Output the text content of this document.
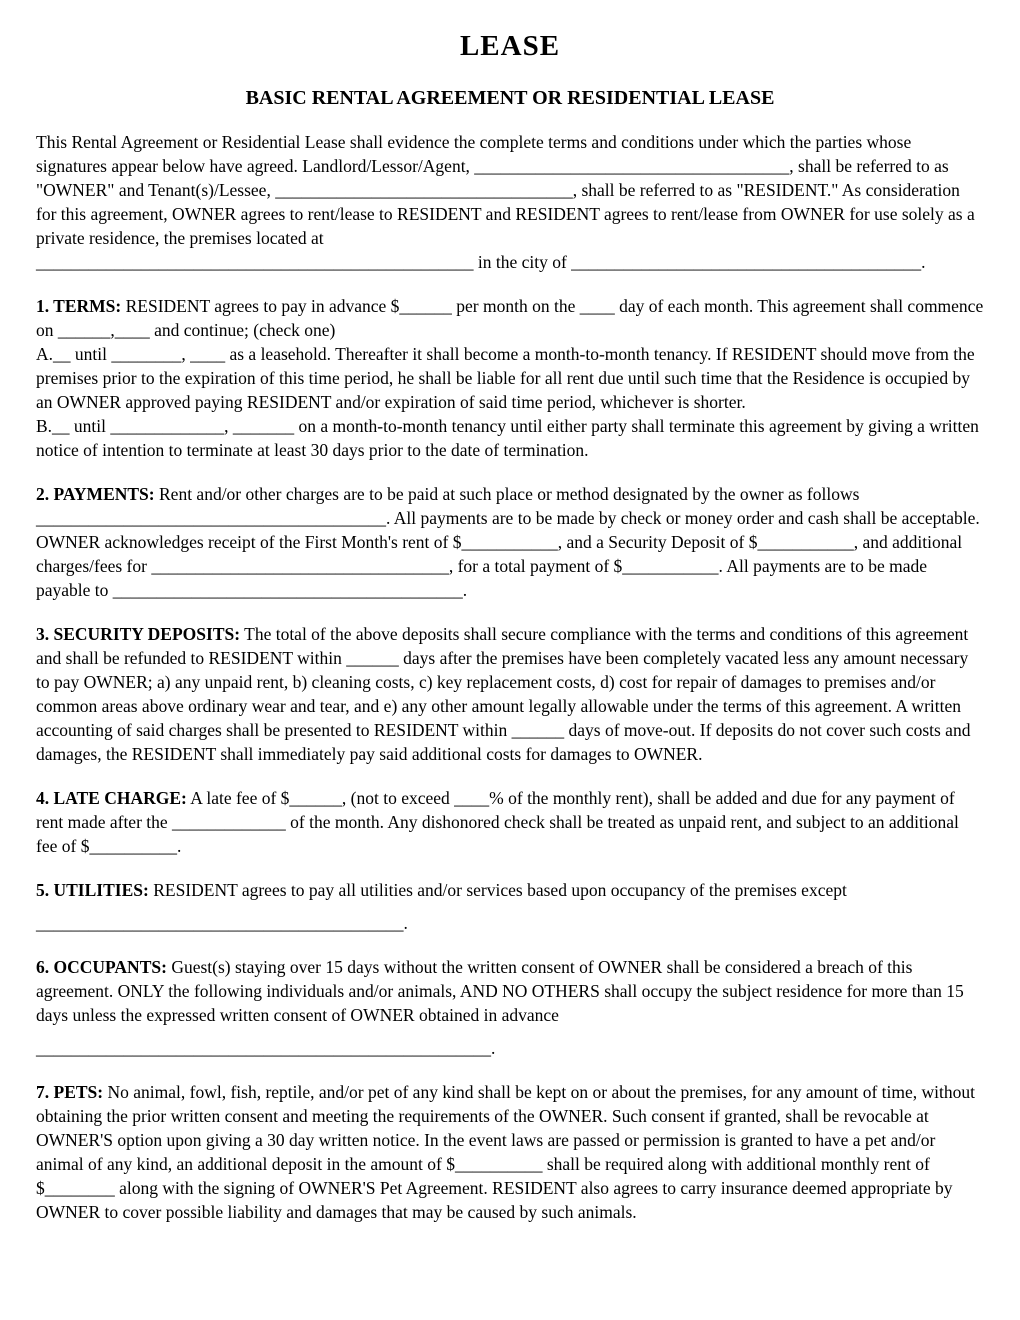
LEASE
BASIC RENTAL AGREEMENT OR RESIDENTIAL LEASE
This Rental Agreement or Residential Lease shall evidence the complete terms and conditions under which the parties whose signatures appear below have agreed. Landlord/Lessor/Agent, ____________________________________, shall be referred to as "OWNER" and Tenant(s)/Lessee, __________________________________, shall be referred to as "RESIDENT." As consideration for this agreement, OWNER agrees to rent/lease to RESIDENT and RESIDENT agrees to rent/lease from OWNER for use solely as a private residence, the premises located at
__________________________________________________ in the city of ________________________________________.
1. TERMS: RESIDENT agrees to pay in advance $______ per month on the ____ day of each month. This agreement shall commence on ______,____ and continue; (check one)
A.__ until ________, ____ as a leasehold. Thereafter it shall become a month-to-month tenancy. If RESIDENT should move from the premises prior to the expiration of this time period, he shall be liable for all rent due until such time that the Residence is occupied by an OWNER approved paying RESIDENT and/or expiration of said time period, whichever is shorter.
B.__ until _____________, _______ on a month-to-month tenancy until either party shall terminate this agreement by giving a written notice of intention to terminate at least 30 days prior to the date of termination.
2. PAYMENTS: Rent and/or other charges are to be paid at such place or method designated by the owner as follows ________________________________________. All payments are to be made by check or money order and cash shall be acceptable. OWNER acknowledges receipt of the First Month's rent of $___________, and a Security Deposit of $___________, and additional charges/fees for __________________________________, for a total payment of $___________. All payments are to be made payable to ________________________________________.
3. SECURITY DEPOSITS: The total of the above deposits shall secure compliance with the terms and conditions of this agreement and shall be refunded to RESIDENT within ______ days after the premises have been completely vacated less any amount necessary to pay OWNER; a) any unpaid rent, b) cleaning costs, c) key replacement costs, d) cost for repair of damages to premises and/or common areas above ordinary wear and tear, and e) any other amount legally allowable under the terms of this agreement. A written accounting of said charges shall be presented to RESIDENT within ______ days of move-out. If deposits do not cover such costs and damages, the RESIDENT shall immediately pay said additional costs for damages to OWNER.
4. LATE CHARGE: A late fee of $______, (not to exceed ____% of the monthly rent), shall be added and due for any payment of rent made after the _____________ of the month. Any dishonored check shall be treated as unpaid rent, and subject to an additional fee of $__________.
5. UTILITIES: RESIDENT agrees to pay all utilities and/or services based upon occupancy of the premises except
__________________________________________.
6. OCCUPANTS: Guest(s) staying over 15 days without the written consent of OWNER shall be considered a breach of this agreement. ONLY the following individuals and/or animals, AND NO OTHERS shall occupy the subject residence for more than 15 days unless the expressed written consent of OWNER obtained in advance
____________________________________________________.
7. PETS: No animal, fowl, fish, reptile, and/or pet of any kind shall be kept on or about the premises, for any amount of time, without obtaining the prior written consent and meeting the requirements of the OWNER. Such consent if granted, shall be revocable at OWNER'S option upon giving a 30 day written notice. In the event laws are passed or permission is granted to have a pet and/or animal of any kind, an additional deposit in the amount of $__________ shall be required along with additional monthly rent of $________ along with the signing of OWNER'S Pet Agreement. RESIDENT also agrees to carry insurance deemed appropriate by OWNER to cover possible liability and damages that may be caused by such animals.
